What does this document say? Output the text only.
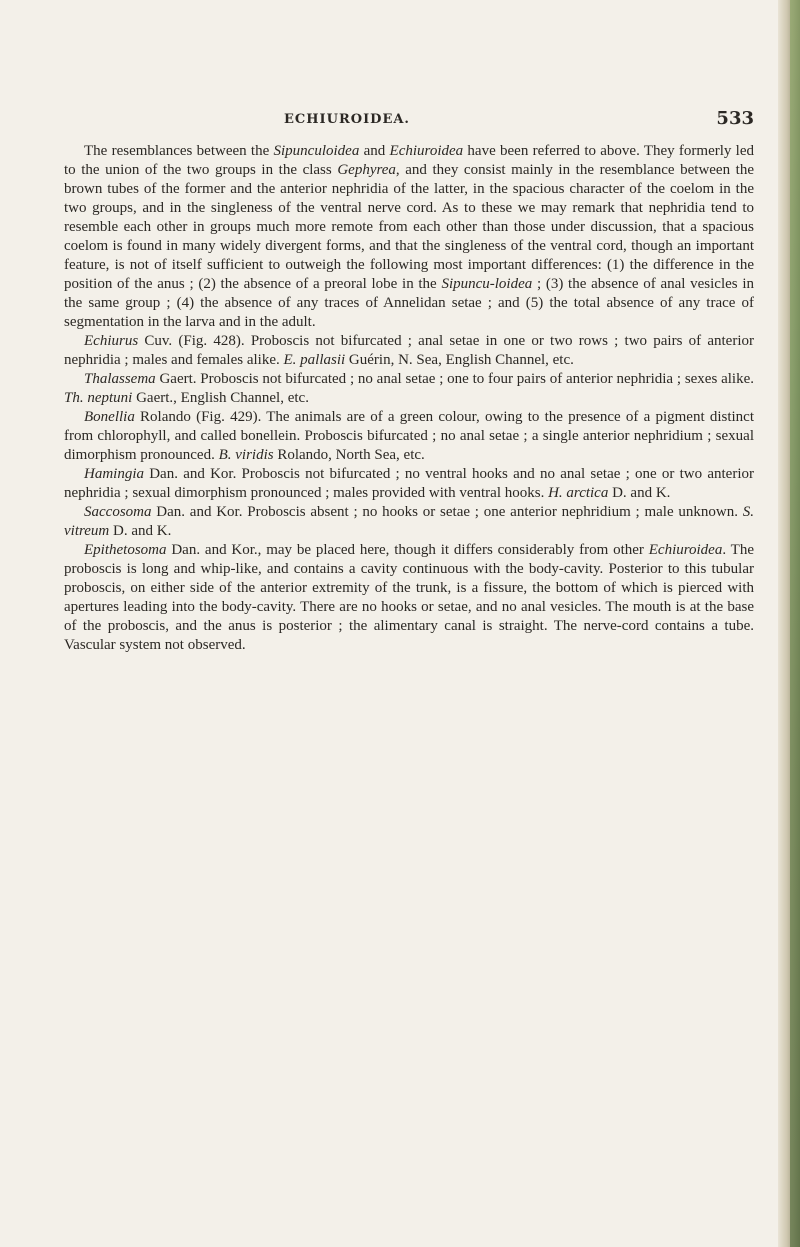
ECHIUROIDEA.	533

The resemblances between the Sipunculoidea and Echiuroidea have been referred to above. They formerly led to the union of the two groups in the class Gephyrea, and they consist mainly in the resemblance between the brown tubes of the former and the anterior nephridia of the latter, in the spacious character of the coelom in the two groups, and in the singleness of the ventral nerve cord. As to these we may remark that nephridia tend to resemble each other in groups much more remote from each other than those under discussion, that a spacious coelom is found in many widely divergent forms, and that the singleness of the ventral cord, though an important feature, is not of itself sufficient to outweigh the following most important differences: (1) the difference in the position of the anus ; (2) the absence of a preoral lobe in the Sipuncu-loidea ; (3) the absence of anal vesicles in the same group ; (4) the absence of any traces of Annelidan setae ; and (5) the total absence of any trace of segmentation in the larva and in the adult.

Echiurus Cuv. (Fig. 428). Proboscis not bifurcated ; anal setae in one or two rows ; two pairs of anterior nephridia ; males and females alike. E. pallasii Guérin, N. Sea, English Channel, etc.

Thalassema Gaert. Proboscis not bifurcated ; no anal setae ; one to four pairs of anterior nephridia ; sexes alike. Th. neptuni Gaert., English Channel, etc.

Bonellia Rolando (Fig. 429). The animals are of a green colour, owing to the presence of a pigment distinct from chlorophyll, and called bonellein. Proboscis bifurcated ; no anal setae ; a single anterior nephridium ; sexual dimorphism pronounced. B. viridis Rolando, North Sea, etc.

Hamingia Dan. and Kor. Proboscis not bifurcated ; no ventral hooks and no anal setae ; one or two anterior nephridia ; sexual dimorphism pronounced ; males provided with ventral hooks. H. arctica D. and K.

Saccosoma Dan. and Kor. Proboscis absent ; no hooks or setae ; one anterior nephridium ; male unknown. S. vitreum D. and K.

Epithetosoma Dan. and Kor., may be placed here, though it differs considerably from other Echiuroidea. The proboscis is long and whip-like, and contains a cavity continuous with the body-cavity. Posterior to this tubular proboscis, on either side of the anterior extremity of the trunk, is a fissure, the bottom of which is pierced with apertures leading into the body-cavity. There are no hooks or setae, and no anal vesicles. The mouth is at the base of the proboscis, and the anus is posterior ; the alimentary canal is straight. The nerve-cord contains a tube. Vascular system not observed.
